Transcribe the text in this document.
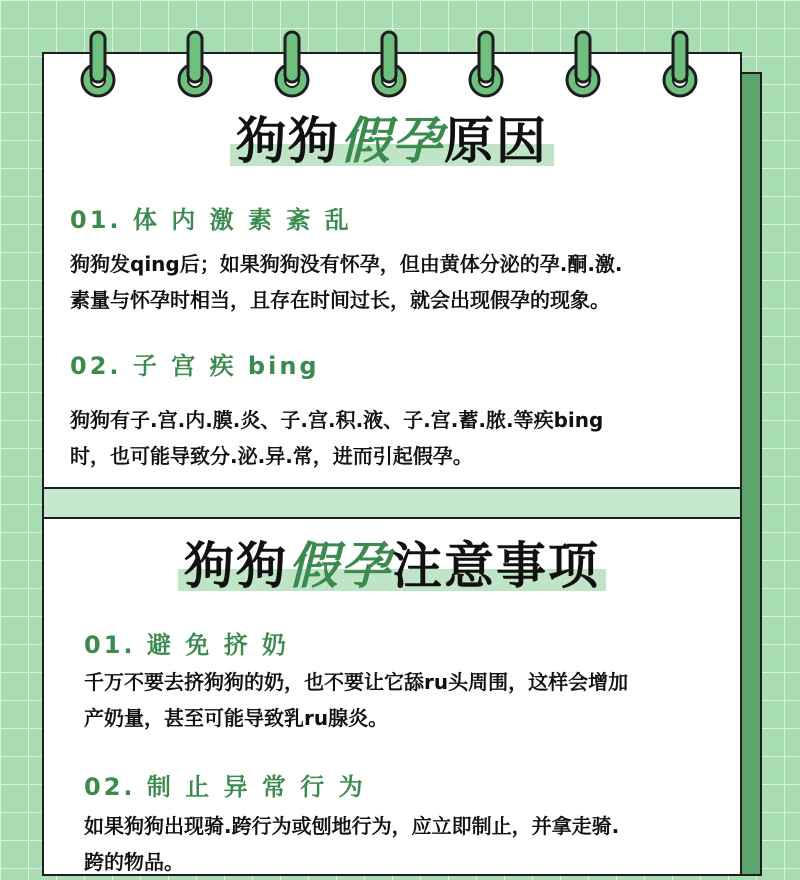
狗狗假孕原因
01. 体 内 激 素 紊 乱
狗狗发qing后；如果狗狗没有怀孕，但由黄体分泌的孕.酮.激.
素量与怀孕时相当，且存在时间过长，就会出现假孕的现象。
02. 子 宫 疾 bing
狗狗有子.宫.内.膜.炎、子.宫.积.液、子.宫.蓄.脓.等疾bing
时，也可能导致分.泌.异.常，进而引起假孕。
狗狗假孕注意事项
01. 避 免 挤 奶
千万不要去挤狗狗的奶，也不要让它舔ru头周围，这样会增加
产奶量，甚至可能导致乳ru腺炎。
02. 制 止 异 常 行 为
如果狗狗出现骑.跨行为或刨地行为，应立即制止，并拿走骑.
跨的物品。
